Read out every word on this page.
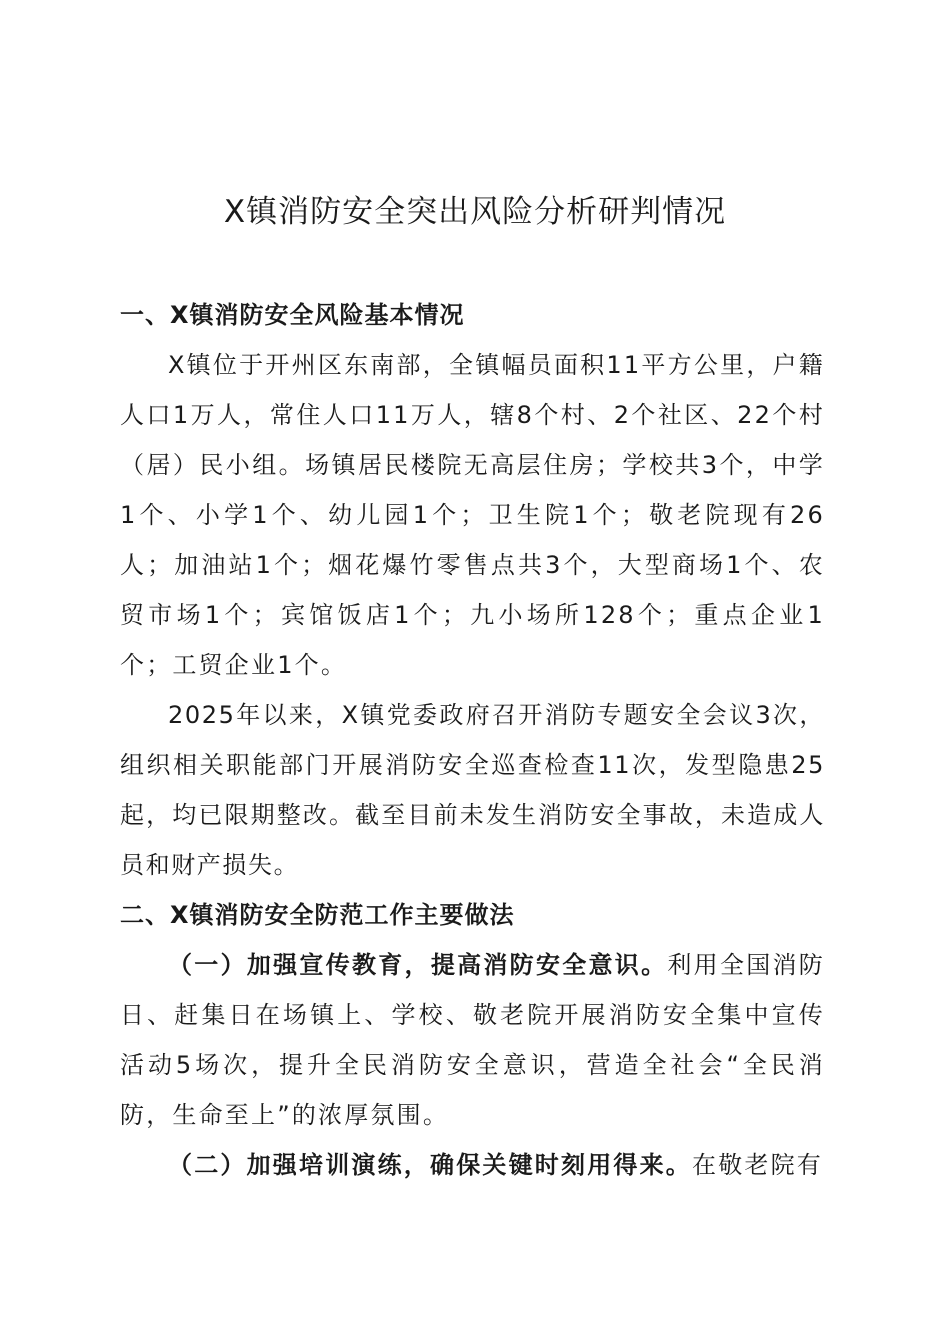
X镇消防安全突出风险分析研判情况
一、X镇消防安全风险基本情况

X镇位于开州区东南部，全镇幅员面积11平方公里，户籍人口1万人，常住人口11万人，辖8个村、2个社区、22个村（居）民小组。场镇居民楼院无高层住房；学校共3个，中学1个、小学1个、幼儿园1个；卫生院1个；敬老院现有26人；加油站1个；烟花爆竹零售点共3个，大型商场1个、农贸市场1个；宾馆饭店1个；九小场所128个；重点企业1个；工贸企业1个。

2025年以来，X镇党委政府召开消防专题安全会议3次，组织相关职能部门开展消防安全巡查检查11次，发型隐患25起，均已限期整改。截至目前未发生消防安全事故，未造成人员和财产损失。

二、X镇消防安全防范工作主要做法

（一）加强宣传教育，提高消防安全意识。利用全国消防日、赶集日在场镇上、学校、敬老院开展消防安全集中宣传活动5场次，提升全民消防安全意识，营造全社会“全民消防，生命至上”的浓厚氛围。

（二）加强培训演练，确保关键时刻用得来。在敬老院有
